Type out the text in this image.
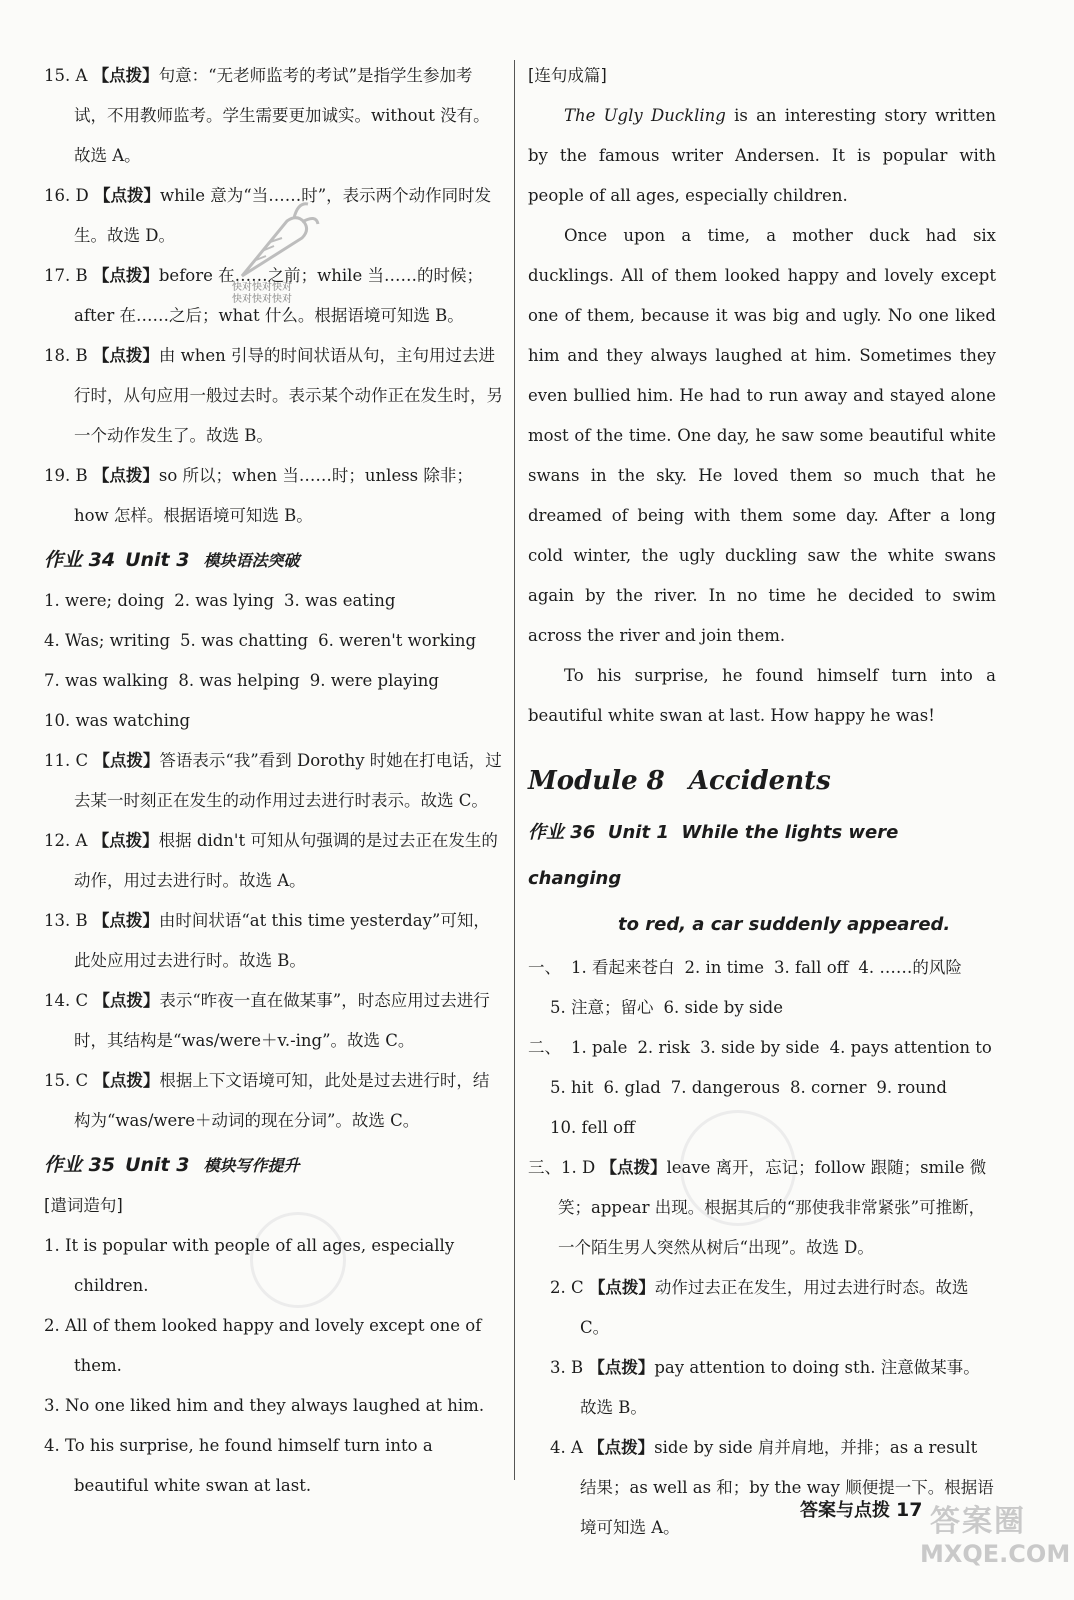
快对快对快对
快对快对快对

15. A 【点拨】句意：“无老师监考的考试”是指学生参加考试，不用教师监考。学生需要更加诚实。without 没有。故选 A。

16. D 【点拨】while 意为“当……时”，表示两个动作同时发生。故选 D。

17. B 【点拨】before 在……之前；while 当……的时候；after 在……之后；what 什么。根据语境可知选 B。

18. B 【点拨】由 when 引导的时间状语从句，主句用过去进行时，从句应用一般过去时。表示某个动作正在发生时，另一个动作发生了。故选 B。

19. B 【点拨】so 所以；when 当……时；unless 除非；how 怎样。根据语境可知选 B。

作业 34 Unit 3 模块语法突破

1. were; doing 2. was lying 3. was eating

4. Was; writing 5. was chatting 6. weren't working

7. was walking 8. was helping 9. were playing

10. was watching

11. C 【点拨】答语表示“我”看到 Dorothy 时她在打电话，过去某一时刻正在发生的动作用过去进行时表示。故选 C。

12. A 【点拨】根据 didn't 可知从句强调的是过去正在发生的动作，用过去进行时。故选 A。

13. B 【点拨】由时间状语“at this time yesterday”可知，此处应用过去进行时。故选 B。

14. C 【点拨】表示“昨夜一直在做某事”，时态应用过去进行时，其结构是“was/were＋v.-ing”。故选 C。

15. C 【点拨】根据上下文语境可知，此处是过去进行时，结构为“was/were＋动词的现在分词”。故选 C。

作业 35 Unit 3 模块写作提升

[遣词造句]

1. It is popular with people of all ages, especially children.

2. All of them looked happy and lovely except one of them.

3. No one liked him and they always laughed at him.

4. To his surprise, he found himself turn into a beautiful white swan at last.

[连句成篇]

The Ugly Duckling is an interesting story written by the famous writer Andersen. It is popular with people of all ages, especially children.

Once upon a time, a mother duck had six ducklings. All of them looked happy and lovely except one of them, because it was big and ugly. No one liked him and they always laughed at him. Sometimes they even bullied him. He had to run away and stayed alone most of the time. One day, he saw some beautiful white swans in the sky. He loved them so much that he dreamed of being with them some day. After a long cold winter, the ugly duckling saw the white swans again by the river. In no time he decided to swim across the river and join them.

To his surprise, he found himself turn into a beautiful white swan at last. How happy he was!

Module 8 Accidents

作业 36 Unit 1 While the lights were changing
to red, a car suddenly appeared.

一、 1. 看起来苍白 2. in time 3. fall off 4. ……的风险

5. 注意；留心 6. side by side

二、 1. pale 2. risk 3. side by side 4. pays attention to

5. hit 6. glad 7. dangerous 8. corner 9. round

10. fell off

三、1. D 【点拨】leave 离开，忘记；follow 跟随；smile 微笑；appear 出现。根据其后的“那使我非常紧张”可推断，一个陌生男人突然从树后“出现”。故选 D。

2. C 【点拨】动作过去正在发生，用过去进行时态。故选 C。

3. B 【点拨】pay attention to doing sth. 注意做某事。故选 B。

4. A 【点拨】side by side 肩并肩地，并排；as a result 结果；as well as 和；by the way 顺便提一下。根据语境可知选 A。

答案与点拨 17 答案圈
MXQE.COM
